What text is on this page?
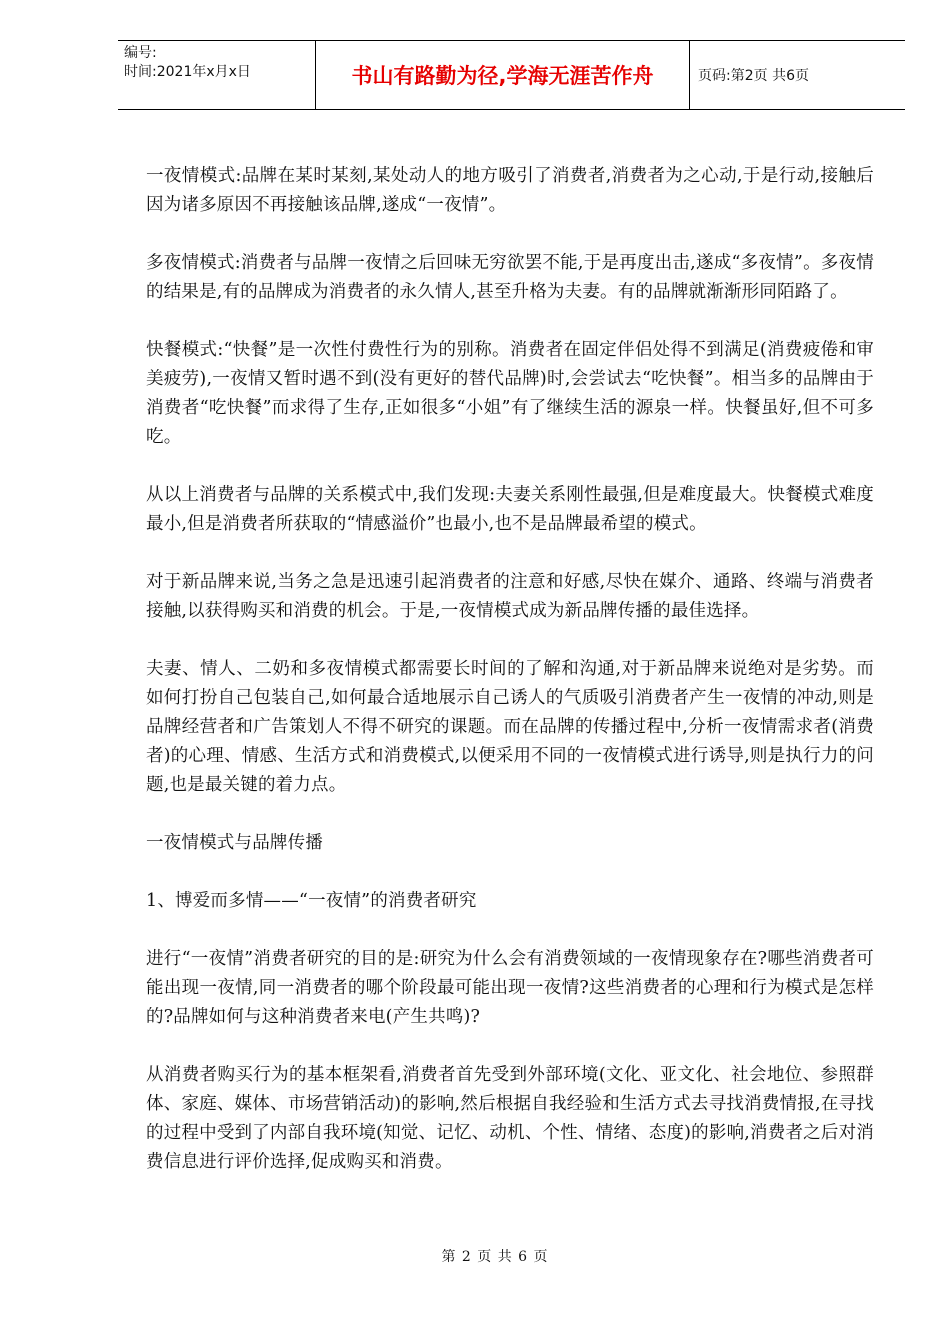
编号:
时间:2021年x月x日	书山有路勤为径,学海无涯苦作舟	页码:第2页 共6页

一夜情模式:品牌在某时某刻,某处动人的地方吸引了消费者,消费者为之心动,于是行动,接触后因为诸多原因不再接触该品牌,遂成“一夜情”。

多夜情模式:消费者与品牌一夜情之后回味无穷欲罢不能,于是再度出击,遂成“多夜情”。多夜情的结果是,有的品牌成为消费者的永久情人,甚至升格为夫妻。有的品牌就渐渐形同陌路了。

快餐模式:“快餐”是一次性付费性行为的别称。消费者在固定伴侣处得不到满足(消费疲倦和审美疲劳),一夜情又暂时遇不到(没有更好的替代品牌)时,会尝试去“吃快餐”。相当多的品牌由于消费者“吃快餐”而求得了生存,正如很多“小姐”有了继续生活的源泉一样。快餐虽好,但不可多吃。

从以上消费者与品牌的关系模式中,我们发现:夫妻关系刚性最强,但是难度最大。快餐模式难度最小,但是消费者所获取的“情感溢价”也最小,也不是品牌最希望的模式。

对于新品牌来说,当务之急是迅速引起消费者的注意和好感,尽快在媒介、通路、终端与消费者接触,以获得购买和消费的机会。于是,一夜情模式成为新品牌传播的最佳选择。

夫妻、情人、二奶和多夜情模式都需要长时间的了解和沟通,对于新品牌来说绝对是劣势。而如何打扮自己包装自己,如何最合适地展示自己诱人的气质吸引消费者产生一夜情的冲动,则是品牌经营者和广告策划人不得不研究的课题。而在品牌的传播过程中,分析一夜情需求者(消费者)的心理、情感、生活方式和消费模式,以便采用不同的一夜情模式进行诱导,则是执行力的问题,也是最关键的着力点。

一夜情模式与品牌传播

1、博爱而多情——“一夜情”的消费者研究

进行“一夜情”消费者研究的目的是:研究为什么会有消费领域的一夜情现象存在?哪些消费者可能出现一夜情,同一消费者的哪个阶段最可能出现一夜情?这些消费者的心理和行为模式是怎样的?品牌如何与这种消费者来电(产生共鸣)?

从消费者购买行为的基本框架看,消费者首先受到外部环境(文化、亚文化、社会地位、参照群体、家庭、媒体、市场营销活动)的影响,然后根据自我经验和生活方式去寻找消费情报,在寻找的过程中受到了内部自我环境(知觉、记忆、动机、个性、情绪、态度)的影响,消费者之后对消费信息进行评价选择,促成购买和消费。

第 2 页 共 6 页
